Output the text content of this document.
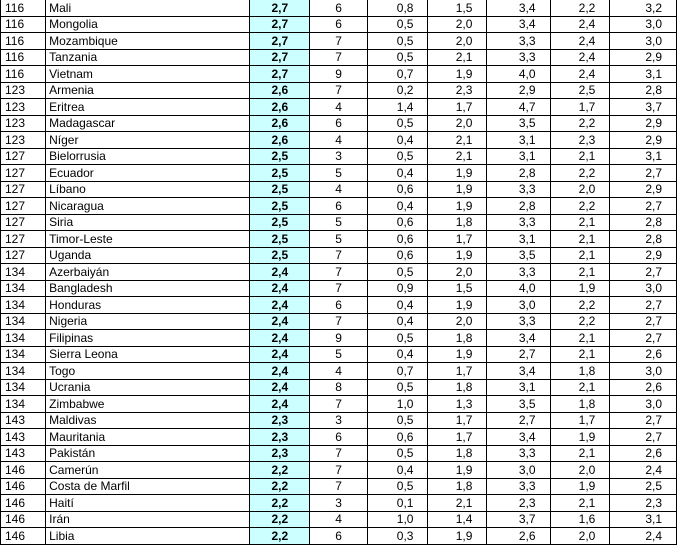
116	Mali	2,7	6	0,8	1,5	3,4	2,2	3,2
116	Mongolia	2,7	6	0,5	2,0	3,4	2,4	3,0
116	Mozambique	2,7	7	0,5	2,0	3,3	2,4	3,0
116	Tanzania	2,7	7	0,5	2,1	3,3	2,4	2,9
116	Vietnam	2,7	9	0,7	1,9	4,0	2,4	3,1
123	Armenia	2,6	7	0,2	2,3	2,9	2,5	2,8
123	Eritrea	2,6	4	1,4	1,7	4,7	1,7	3,7
123	Madagascar	2,6	6	0,5	2,0	3,5	2,2	2,9
123	Níger	2,6	4	0,4	2,1	3,1	2,3	2,9
127	Bielorrusia	2,5	3	0,5	2,1	3,1	2,1	3,1
127	Ecuador	2,5	5	0,4	1,9	2,8	2,2	2,7
127	Líbano	2,5	4	0,6	1,9	3,3	2,0	2,9
127	Nicaragua	2,5	6	0,4	1,9	2,8	2,2	2,7
127	Siria	2,5	5	0,6	1,8	3,3	2,1	2,8
127	Timor-Leste	2,5	5	0,6	1,7	3,1	2,1	2,8
127	Uganda	2,5	7	0,6	1,9	3,5	2,1	2,9
134	Azerbaiyán	2,4	7	0,5	2,0	3,3	2,1	2,7
134	Bangladesh	2,4	7	0,9	1,5	4,0	1,9	3,0
134	Honduras	2,4	6	0,4	1,9	3,0	2,2	2,7
134	Nigeria	2,4	7	0,4	2,0	3,3	2,2	2,7
134	Filipinas	2,4	9	0,5	1,8	3,4	2,1	2,7
134	Sierra Leona	2,4	5	0,4	1,9	2,7	2,1	2,6
134	Togo	2,4	4	0,7	1,7	3,4	1,8	3,0
134	Ucrania	2,4	8	0,5	1,8	3,1	2,1	2,6
134	Zimbabwe	2,4	7	1,0	1,3	3,5	1,8	3,0
143	Maldivas	2,3	3	0,5	1,7	2,7	1,7	2,7
143	Mauritania	2,3	6	0,6	1,7	3,4	1,9	2,7
143	Pakistán	2,3	7	0,5	1,8	3,3	2,1	2,6
146	Camerún	2,2	7	0,4	1,9	3,0	2,0	2,4
146	Costa de Marfil	2,2	7	0,5	1,8	3,3	1,9	2,5
146	Haití	2,2	3	0,1	2,1	2,3	2,1	2,3
146	Irán	2,2	4	1,0	1,4	3,7	1,6	3,1
146	Libia	2,2	6	0,3	1,9	2,6	2,0	2,4
